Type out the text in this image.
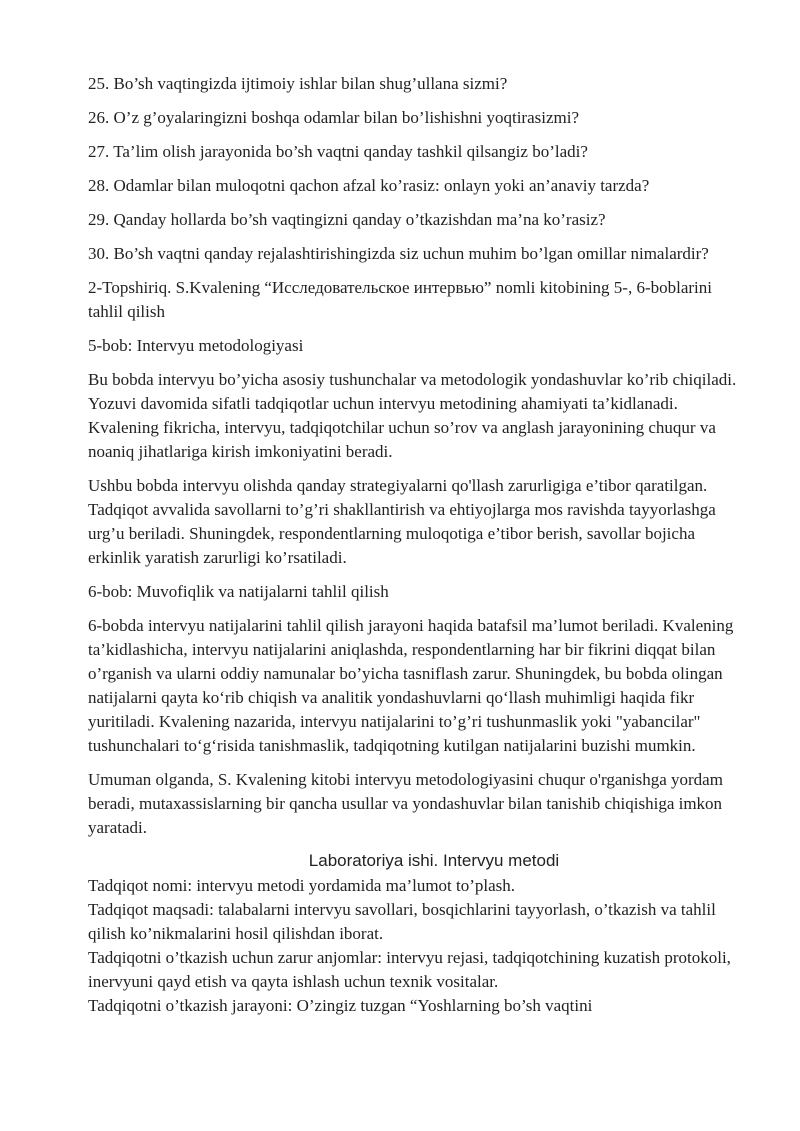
25. Bo’sh vaqtingizda ijtimoiy ishlar bilan shug’ullana sizmi?

26. O’z g’oyalaringizni boshqa odamlar bilan bo’lishishni yoqtirasizmi?

27. Ta’lim olish jarayonida bo’sh vaqtni qanday tashkil qilsangiz bo’ladi?

28. Odamlar bilan muloqotni qachon afzal ko’rasiz: onlayn yoki an’anaviy tarzda?

29. Qanday hollarda bo’sh vaqtingizni qanday o’tkazishdan ma’na ko’rasiz?

30. Bo’sh vaqtni qanday rejalashtirishingizda siz uchun muhim bo’lgan omillar nimalardir?

2-Topshiriq. S.Kvalening “Исследовательское интервью” nomli kitobining 5-, 6-boblarini tahlil qilish

5-bob: Intervyu metodologiyasi

Bu bobda intervyu bo’yicha asosiy tushunchalar va metodologik yondashuvlar ko’rib chiqiladi. Yozuvi davomida sifatli tadqiqotlar uchun intervyu metodining ahamiyati ta’kidlanadi. Kvalening fikricha, intervyu, tadqiqotchilar uchun so’rov va anglash jarayonining chuqur va noaniq jihatlariga kirish imkoniyatini beradi.

Ushbu bobda intervyu olishda qanday strategiyalarni qo'llash zarurligiga e’tibor qaratilgan. Tadqiqot avvalida savollarni to’g’ri shakllantirish va ehtiyojlarga mos ravishda tayyorlashga urg’u beriladi. Shuningdek, respondentlarning muloqotiga e’tibor berish, savollar bojicha erkinlik yaratish zarurligi ko’rsatiladi.

6-bob: Muvofiqlik va natijalarni tahlil qilish

6-bobda intervyu natijalarini tahlil qilish jarayoni haqida batafsil ma’lumot beriladi. Kvalening ta’kidlashicha, intervyu natijalarini aniqlashda, respondentlarning har bir fikrini diqqat bilan o’rganish va ularni oddiy namunalar bo’yicha tasniflash zarur. Shuningdek, bu bobda olingan natijalarni qayta ko‘rib chiqish va analitik yondashuvlarni qo‘llash muhimligi haqida fikr yuritiladi. Kvalening nazarida, intervyu natijalarini to’g’ri tushunmaslik yoki "yabancilar" tushunchalari to‘g‘risida tanishmaslik, tadqiqotning kutilgan natijalarini buzishi mumkin.

Umuman olganda, S. Kvalening kitobi intervyu metodologiyasini chuqur o'rganishga yordam beradi, mutaxassislarning bir qancha usullar va yondashuvlar bilan tanishib chiqishiga imkon yaratadi.

Laboratoriya ishi. Intervyu metodi

Tadqiqot nomi: intervyu metodi yordamida ma’lumot to’plash.

Tadqiqot maqsadi: talabalarni intervyu savollari, bosqichlarini tayyorlash, o’tkazish va tahlil qilish ko’nikmalarini hosil qilishdan iborat.

Tadqiqotni o’tkazish uchun zarur anjomlar: intervyu rejasi, tadqiqotchining kuzatish protokoli, inervyuni qayd etish va qayta ishlash uchun texnik vositalar.

Tadqiqotni o’tkazish jarayoni: O’zingiz tuzgan “Yoshlarning bo’sh vaqtini
